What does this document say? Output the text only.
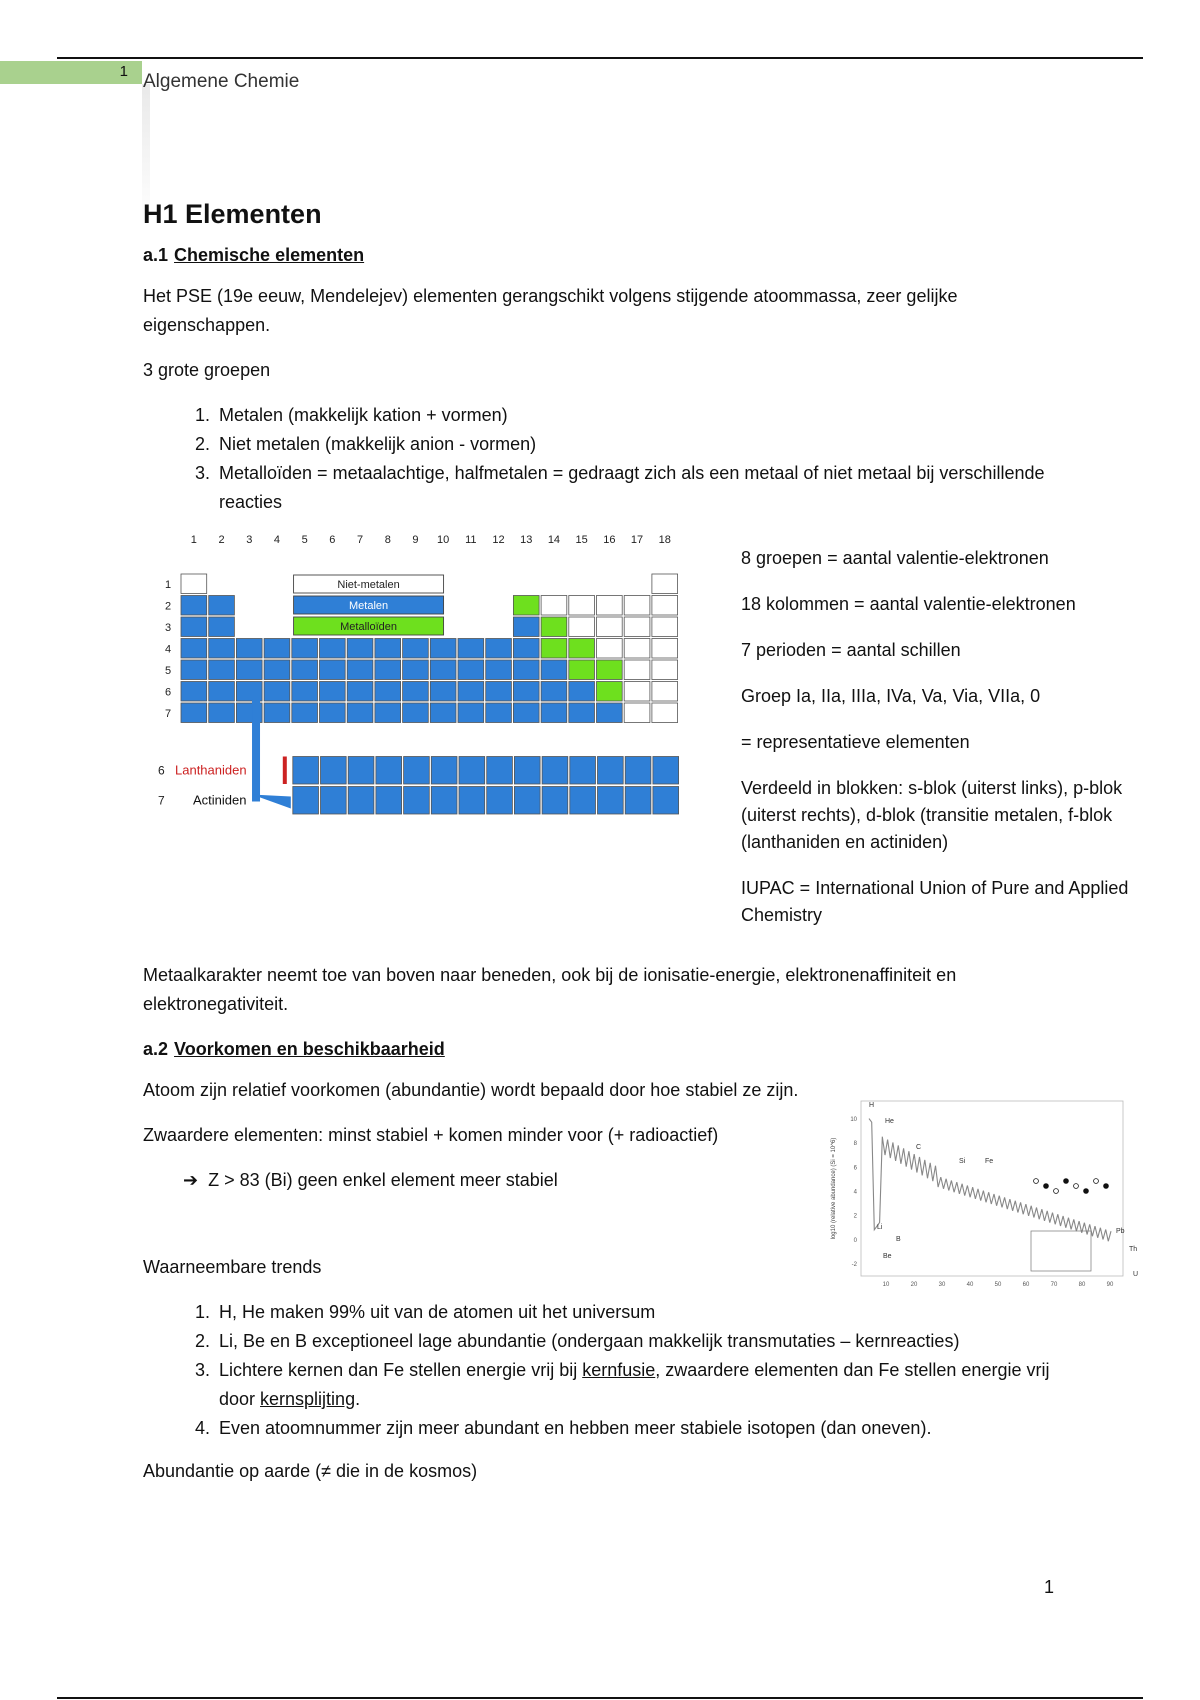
1 Algemene Chemie
H1 Elementen
a.1 Chemische elementen

Het PSE (19e eeuw, Mendelejev) elementen gerangschikt volgens stijgende atoommassa, zeer gelijke eigenschappen.

3 grote groepen

1. Metalen (makkelijk kation + vormen)
2. Niet metalen (makkelijk anion - vormen)
3. Metalloïden = metaalachtige, halfmetalen = gedraagt zich als een metaal of niet metaal bij verschillende reacties
1 2 3 4 5 6 7 8 9 10 11 12 13 14 15 16 17 18
1
2
3
4
5
6
7
Niet-metalen
Metalen
Metalloïden
6 Lanthaniden
7 Actiniden
8 groepen = aantal valentie-elektronen
18 kolommen = aantal valentie-elektronen
7 perioden = aantal schillen
Groep Ia, IIa, IIIa, IVa, Va, Via, VIIa, 0
= representatieve elementen
Verdeeld in blokken: s-blok (uiterst links), p-blok (uiterst rechts), d-blok (transitie metalen, f-blok (lanthaniden en actiniden)
IUPAC = International Union of Pure and Applied Chemistry

Metaalkarakter neemt toe van boven naar beneden, ook bij de ionisatie-energie, elektronenaffiniteit en elektronegativiteit.

a.2 Voorkomen en beschikbaarheid

Atoom zijn relatief voorkomen (abundantie) wordt bepaald door hoe stabiel ze zijn.

log10 (relative abundance) (Si = 10^6)
10
8
6
4
2
0
-2
10	20	30	40	50	60	70	80	90
H
He
C
Si	Fe
Li
B
Be
Pb
Th
U

Zwaardere elementen: minst stabiel + komen minder voor (+ radioactief)

➔ Z > 83 (Bi) geen enkel element meer stabiel

Waarneembare trends

1. H, He maken 99% uit van de atomen uit het universum
2. Li, Be en B exceptioneel lage abundantie (ondergaan makkelijk transmutaties – kernreacties)
3. Lichtere kernen dan Fe stellen energie vrij bij kernfusie, zwaardere elementen dan Fe stellen energie vrij door kernsplijting.
4. Even atoomnummer zijn meer abundant en hebben meer stabiele isotopen (dan oneven).

Abundantie op aarde (≠ die in de kosmos)

1
